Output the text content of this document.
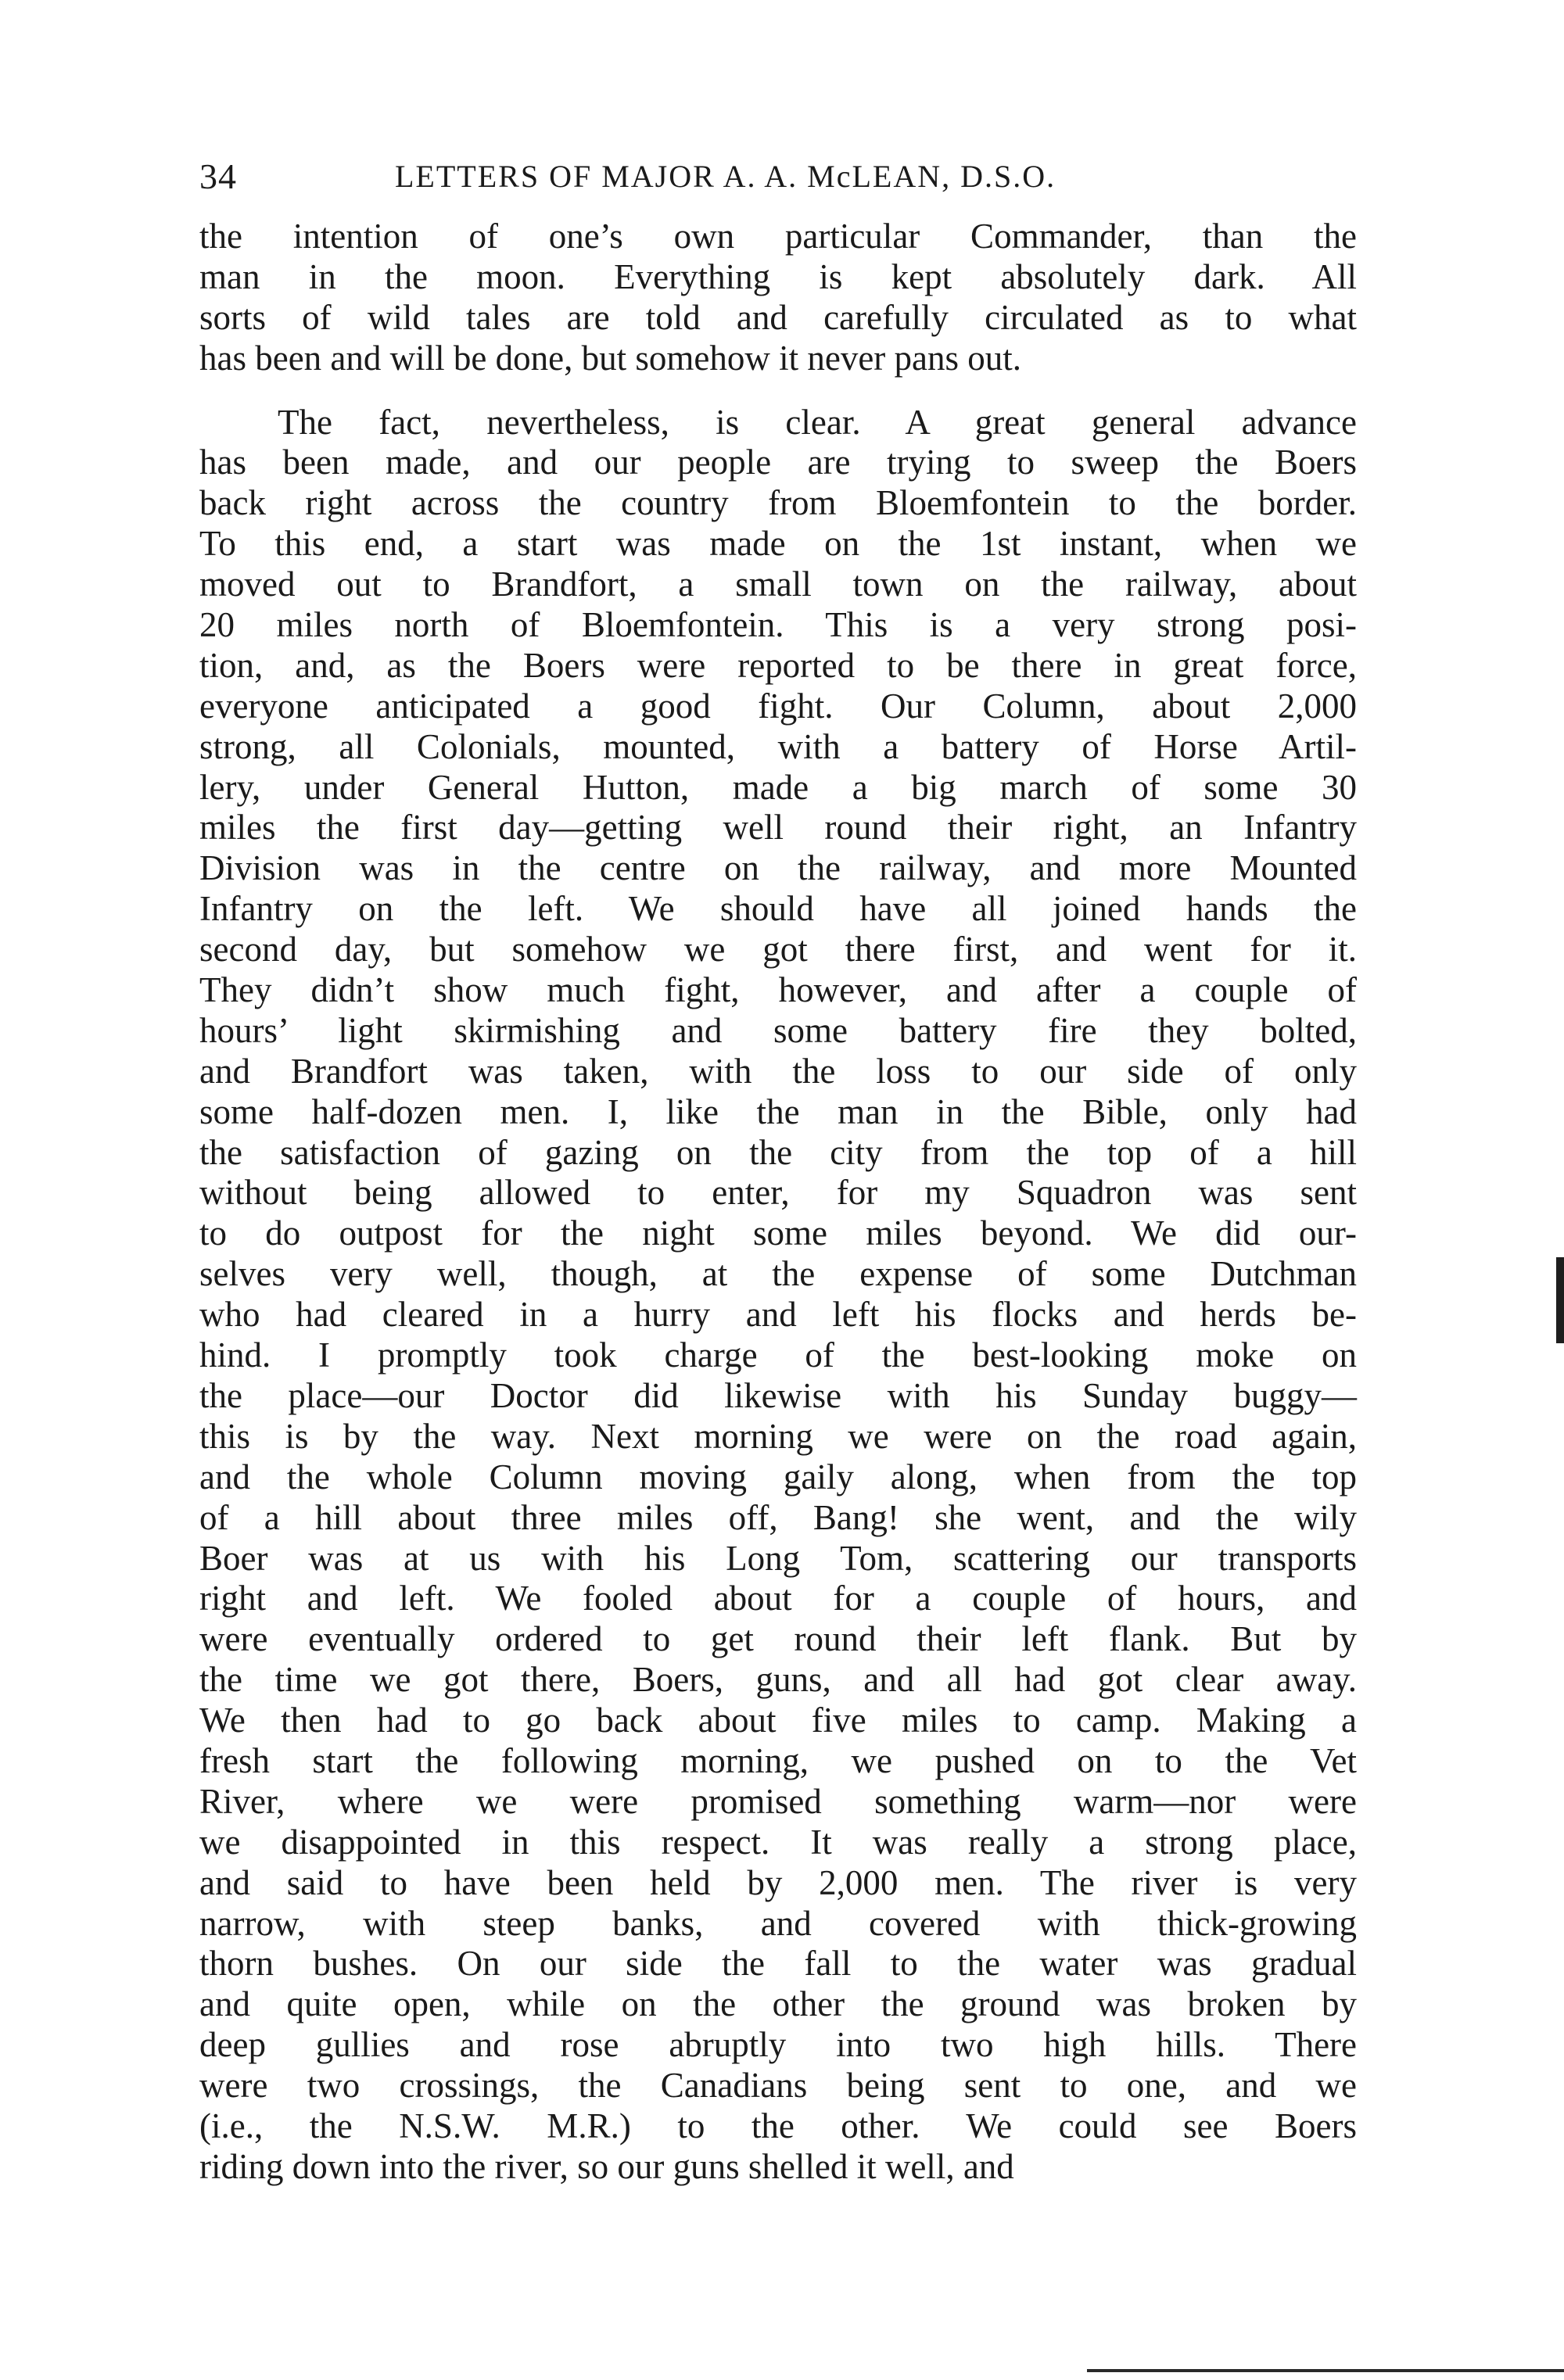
34	LETTERS OF MAJOR A. A. McLEAN, D.S.O.
the intention of one’s own particular Commander, than the
man in the moon. Everything is kept absolutely dark. All
sorts of wild tales are told and carefully circulated as to what
has been and will be done, but somehow it never pans out.
The fact, nevertheless, is clear. A great general advance
has been made, and our people are trying to sweep the Boers
back right across the country from Bloemfontein to the border.
To this end, a start was made on the 1st instant, when we
moved out to Brandfort, a small town on the railway, about
20 miles north of Bloemfontein. This is a very strong posi-
tion, and, as the Boers were reported to be there in great force,
everyone anticipated a good fight. Our Column, about 2,000
strong, all Colonials, mounted, with a battery of Horse Artil-
lery, under General Hutton, made a big march of some 30
miles the first day—getting well round their right, an Infantry
Division was in the centre on the railway, and more Mounted
Infantry on the left. We should have all joined hands the
second day, but somehow we got there first, and went for it.
They didn’t show much fight, however, and after a couple of
hours’ light skirmishing and some battery fire they bolted,
and Brandfort was taken, with the loss to our side of only
some half-dozen men. I, like the man in the Bible, only had
the satisfaction of gazing on the city from the top of a hill
without being allowed to enter, for my Squadron was sent
to do outpost for the night some miles beyond. We did our-
selves very well, though, at the expense of some Dutchman
who had cleared in a hurry and left his flocks and herds be-
hind. I promptly took charge of the best-looking moke on
the place—our Doctor did likewise with his Sunday buggy—
this is by the way. Next morning we were on the road again,
and the whole Column moving gaily along, when from the top
of a hill about three miles off, Bang! she went, and the wily
Boer was at us with his Long Tom, scattering our transports
right and left. We fooled about for a couple of hours, and
were eventually ordered to get round their left flank. But by
the time we got there, Boers, guns, and all had got clear away.
We then had to go back about five miles to camp. Making a
fresh start the following morning, we pushed on to the Vet
River, where we were promised something warm—nor were
we disappointed in this respect. It was really a strong place,
and said to have been held by 2,000 men. The river is very
narrow, with steep banks, and covered with thick-growing
thorn bushes. On our side the fall to the water was gradual
and quite open, while on the other the ground was broken by
deep gullies and rose abruptly into two high hills. There
were two crossings, the Canadians being sent to one, and we
(i.e., the N.S.W. M.R.) to the other. We could see Boers
riding down into the river, so our guns shelled it well, and
